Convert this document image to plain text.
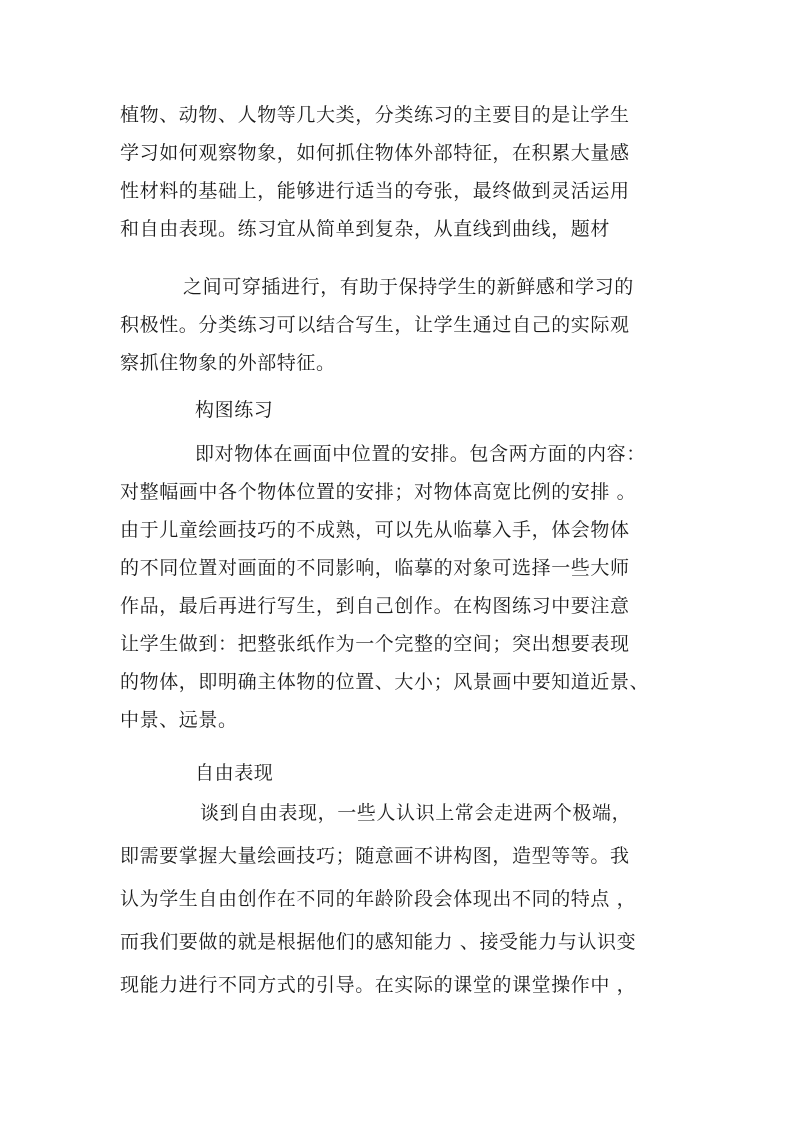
植物、动物、人物等几大类，分类练习的主要目的是让学生
学习如何观察物象，如何抓住物体外部特征，在积累大量感
性材料的基础上，能够进行适当的夸张，最终做到灵活运用
和自由表现。练习宜从简单到复杂，从直线到曲线，题材
之间可穿插进行，有助于保持学生的新鲜感和学习的
积极性。分类练习可以结合写生，让学生通过自己的实际观
察抓住物象的外部特征。
构图练习
即对物体在画面中位置的安排。包含两方面的内容：
对整幅画中各个物体位置的安排；对物体高宽比例的安排 。
由于儿童绘画技巧的不成熟，可以先从临摹入手，体会物体
的不同位置对画面的不同影响，临摹的对象可选择一些大师
作品，最后再进行写生，到自己创作。在构图练习中要注意
让学生做到：把整张纸作为一个完整的空间；突出想要表现
的物体，即明确主体物的位置、大小；风景画中要知道近景、
中景、远景。
自由表现
谈到自由表现，一些人认识上常会走进两个极端，
即需要掌握大量绘画技巧；随意画不讲构图，造型等等。我
认为学生自由创作在不同的年龄阶段会体现出不同的特点 ，
而我们要做的就是根据他们的感知能力 、接受能力与认识变
现能力进行不同方式的引导。在实际的课堂的课堂操作中 ，
